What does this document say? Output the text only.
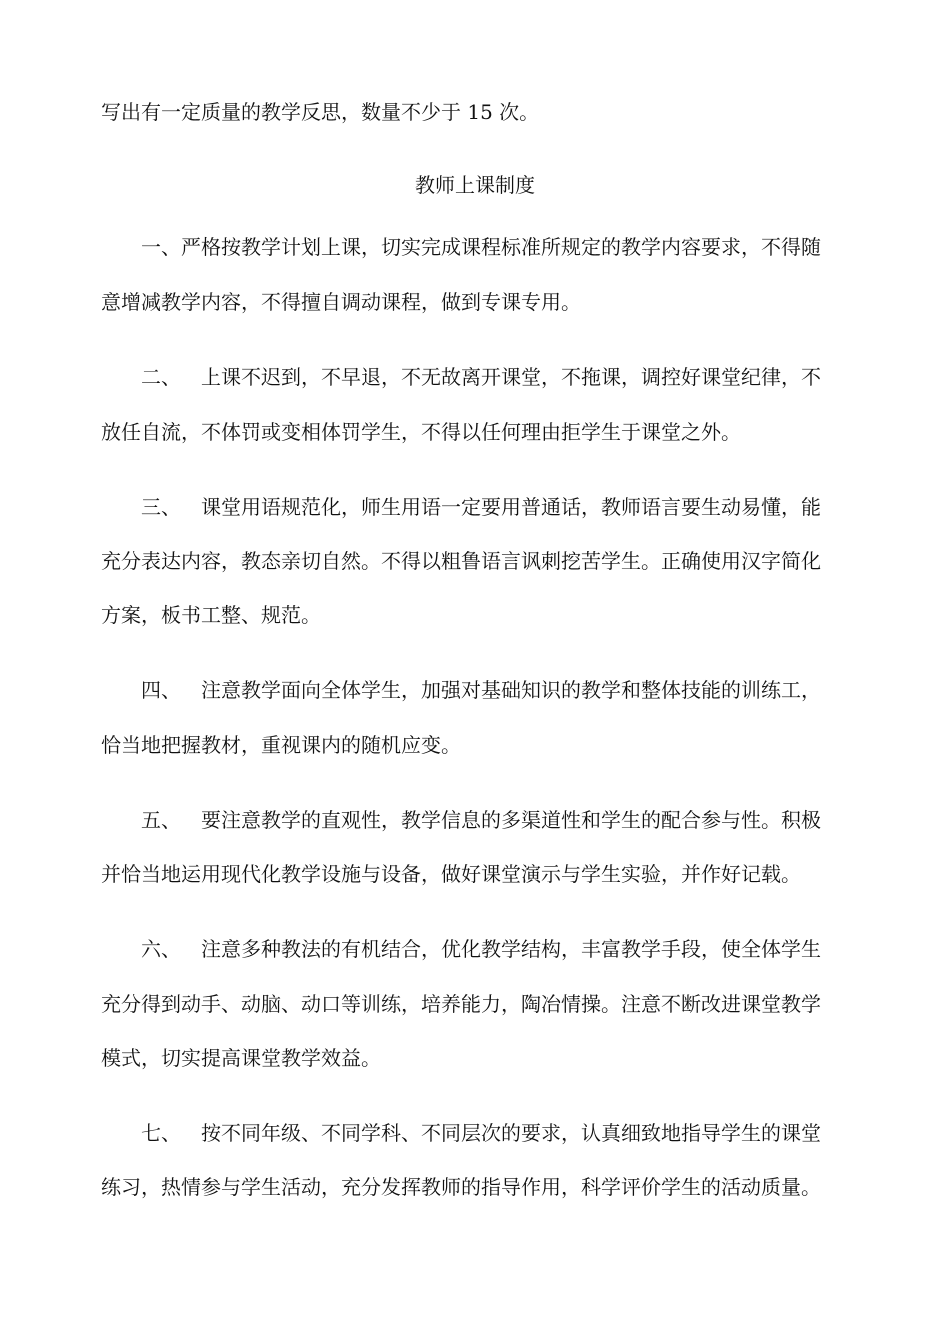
写出有一定质量的教学反思，数量不少于 15 次。
教师上课制度
一、严格按教学计划上课，切实完成课程标准所规定的教学内容要求，不得随
意增减教学内容，不得擅自调动课程，做到专课专用。
二、 上课不迟到，不早退，不无故离开课堂，不拖课，调控好课堂纪律，不
放任自流，不体罚或变相体罚学生，不得以任何理由拒学生于课堂之外。
三、 课堂用语规范化，师生用语一定要用普通话，教师语言要生动易懂，能
充分表达内容，教态亲切自然。不得以粗鲁语言讽刺挖苦学生。正确使用汉字简化
方案，板书工整、规范。
四、 注意教学面向全体学生，加强对基础知识的教学和整体技能的训练工，
恰当地把握教材，重视课内的随机应变。
五、 要注意教学的直观性，教学信息的多渠道性和学生的配合参与性。积极
并恰当地运用现代化教学设施与设备，做好课堂演示与学生实验，并作好记载。
六、 注意多种教法的有机结合，优化教学结构，丰富教学手段，使全体学生
充分得到动手、动脑、动口等训练，培养能力，陶冶情操。注意不断改进课堂教学
模式，切实提高课堂教学效益。
七、 按不同年级、不同学科、不同层次的要求，认真细致地指导学生的课堂
练习，热情参与学生活动，充分发挥教师的指导作用，科学评价学生的活动质量。
